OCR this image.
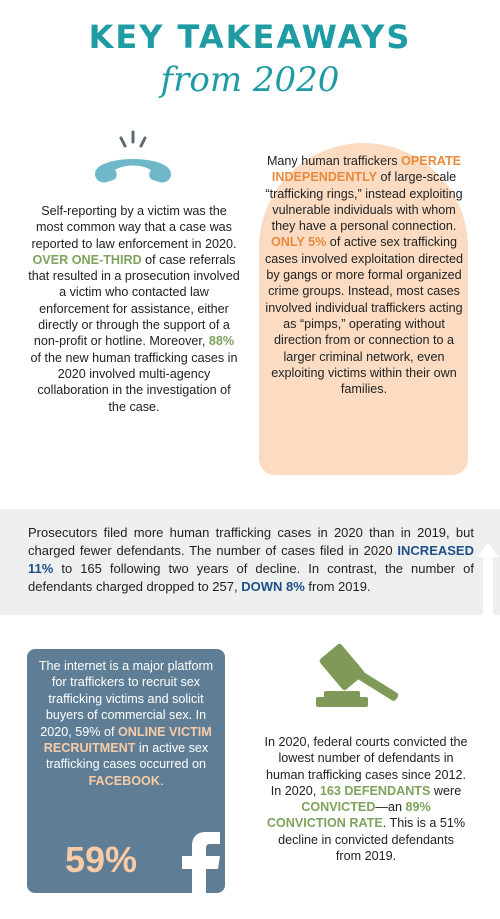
KEY TAKEAWAYS
from 2020
Self-reporting by a victim was the most common way that a case was reported to law enforcement in 2020. OVER ONE-THIRD of case referrals that resulted in a prosecution involved a victim who contacted law enforcement for assistance, either directly or through the support of a non-profit or hotline. Moreover, 88% of the new human trafficking cases in 2020 involved multi-agency collaboration in the investigation of the case.
Many human traffickers OPERATE INDEPENDENTLY of large-scale “trafficking rings,” instead exploiting vulnerable individuals with whom they have a personal connection.
ONLY 5% of active sex trafficking cases involved exploitation directed by gangs or more formal organized crime groups. Instead, most cases involved individual traffickers acting as “pimps,” operating without direction from or connection to a larger criminal network, even exploiting victims within their own families.
Prosecutors filed more human trafficking cases in 2020 than in 2019, but charged fewer defendants. The number of cases filed in 2020 INCREASED 11% to 165 following two years of decline. In contrast, the number of defendants charged dropped to 257, DOWN 8% from 2019.
The internet is a major platform for traffickers to recruit sex trafficking victims and solicit buyers of commercial sex. In 2020, 59% of ONLINE VICTIM RECRUITMENT in active sex trafficking cases occurred on FACEBOOK.
59%
In 2020, federal courts convicted the lowest number of defendants in human trafficking cases since 2012. In 2020, 163 DEFENDANTS were CONVICTED—an 89% CONVICTION RATE. This is a 51% decline in convicted defendants from 2019.
